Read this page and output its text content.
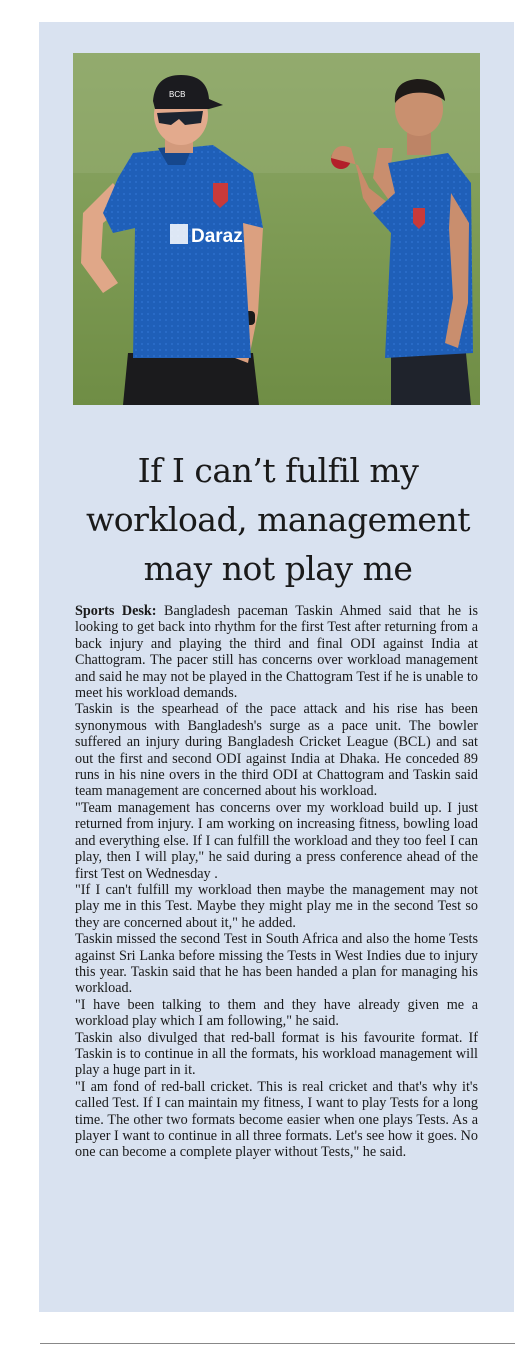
Daraz
BCB
If I can’t fulfil my workload, management may not play me

Sports Desk: Bangladesh paceman Taskin Ahmed said that he is looking to get back into rhythm for the first Test after returning from a back injury and playing the third and final ODI against India at Chattogram. The pacer still has concerns over workload management and said he may not be played in the Chattogram Test if he is unable to meet his workload demands.

Taskin is the spearhead of the pace attack and his rise has been synonymous with Bangladesh's surge as a pace unit. The bowler suffered an injury during Bangladesh Cricket League (BCL) and sat out the first and second ODI against India at Dhaka. He conceded 89 runs in his nine overs in the third ODI at Chattogram and Taskin said team management are concerned about his workload.

"Team management has concerns over my workload build up. I just returned from injury. I am working on increasing fitness, bowling load and everything else. If I can fulfill the workload and they too feel I can play, then I will play," he said during a press conference ahead of the first Test on Wednesday .

"If I can't fulfill my workload then maybe the management may not play me in this Test. Maybe they might play me in the second Test so they are concerned about it," he added.

Taskin missed the second Test in South Africa and also the home Tests against Sri Lanka before missing the Tests in West Indies due to injury this year. Taskin said that he has been handed a plan for managing his workload.

"I have been talking to them and they have already given me a workload play which I am following," he said.

Taskin also divulged that red-ball format is his favourite format. If Taskin is to continue in all the formats, his workload management will play a huge part in it.

"I am fond of red-ball cricket. This is real cricket and that's why it's called Test. If I can maintain my fitness, I want to play Tests for a long time. The other two formats become easier when one plays Tests. As a player I want to continue in all three formats. Let's see how it goes. No one can become a complete player without Tests," he said.
